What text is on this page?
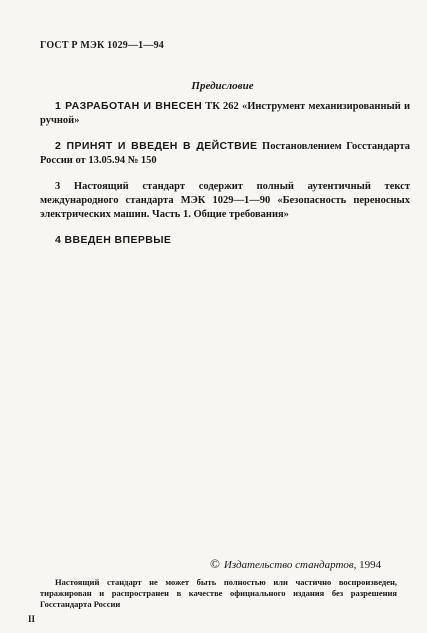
ГОСТ Р МЭК 1029—1—94
Предисловие

1 РАЗРАБОТАН И ВНЕСЕН ТК 262 «Инструмент механизированный и ручной»

2 ПРИНЯТ И ВВЕДЕН В ДЕЙСТВИЕ Постановлением Госстандарта России от 13.05.94 № 150

3 Настоящий стандарт содержит полный аутентичный текст международного стандарта МЭК 1029—1—90 «Безопасность переносных электрических машин. Часть 1. Общие требования»

4 ВВЕДЕН ВПЕРВЫЕ

© Издательство стандартов, 1994
Настоящий стандарт не может быть полностью или частично воспроизведен, тиражирован и распространен в качестве официального издания без разрешения Госстандарта России
II
